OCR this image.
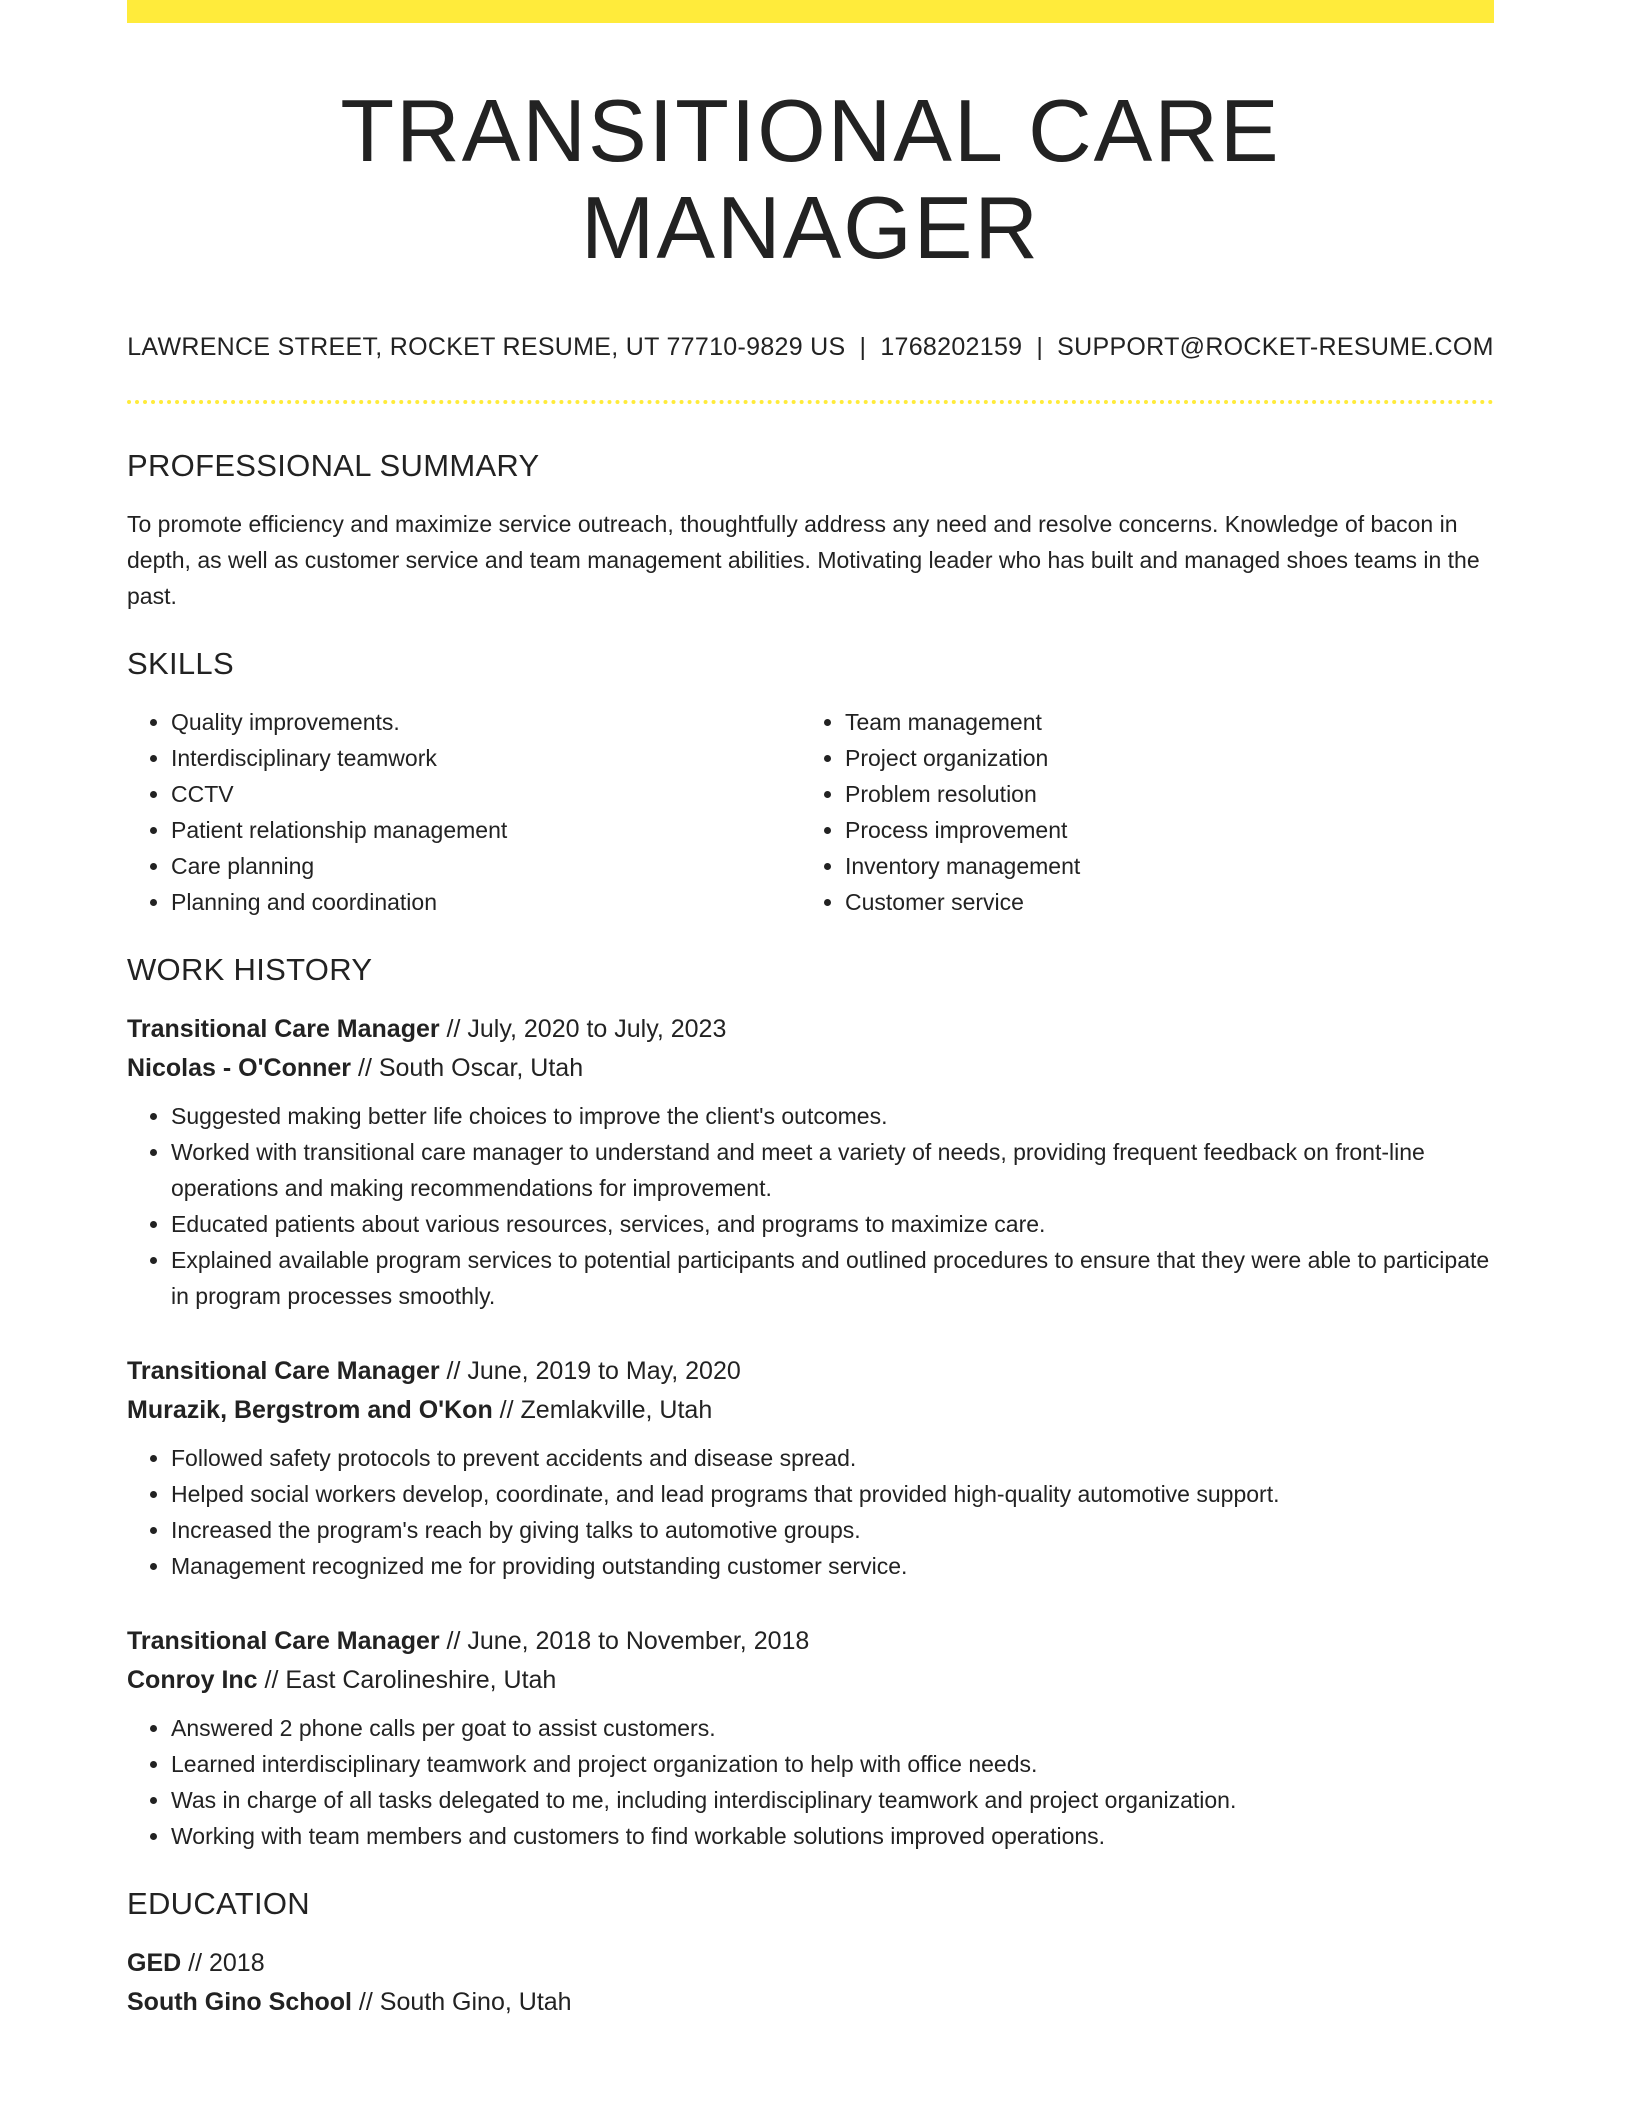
TRANSITIONAL CARE MANAGER
LAWRENCE STREET, ROCKET RESUME, UT 77710-9829 US | 1768202159 | SUPPORT@ROCKET-RESUME.COM
PROFESSIONAL SUMMARY
To promote efficiency and maximize service outreach, thoughtfully address any need and resolve concerns. Knowledge of bacon in depth, as well as customer service and team management abilities. Motivating leader who has built and managed shoes teams in the past.
SKILLS
• Quality improvements.
• Interdisciplinary teamwork
• CCTV
• Patient relationship management
• Care planning
• Planning and coordination
• Team management
• Project organization
• Problem resolution
• Process improvement
• Inventory management
• Customer service
WORK HISTORY
Transitional Care Manager // July, 2020 to July, 2023
Nicolas - O'Conner // South Oscar, Utah
• Suggested making better life choices to improve the client's outcomes.
• Worked with transitional care manager to understand and meet a variety of needs, providing frequent feedback on front-line operations and making recommendations for improvement.
• Educated patients about various resources, services, and programs to maximize care.
• Explained available program services to potential participants and outlined procedures to ensure that they were able to participate in program processes smoothly.
Transitional Care Manager // June, 2019 to May, 2020
Murazik, Bergstrom and O'Kon // Zemlakville, Utah
• Followed safety protocols to prevent accidents and disease spread.
• Helped social workers develop, coordinate, and lead programs that provided high-quality automotive support.
• Increased the program's reach by giving talks to automotive groups.
• Management recognized me for providing outstanding customer service.
Transitional Care Manager // June, 2018 to November, 2018
Conroy Inc // East Carolineshire, Utah
• Answered 2 phone calls per goat to assist customers.
• Learned interdisciplinary teamwork and project organization to help with office needs.
• Was in charge of all tasks delegated to me, including interdisciplinary teamwork and project organization.
• Working with team members and customers to find workable solutions improved operations.
EDUCATION
GED // 2018
South Gino School // South Gino, Utah
